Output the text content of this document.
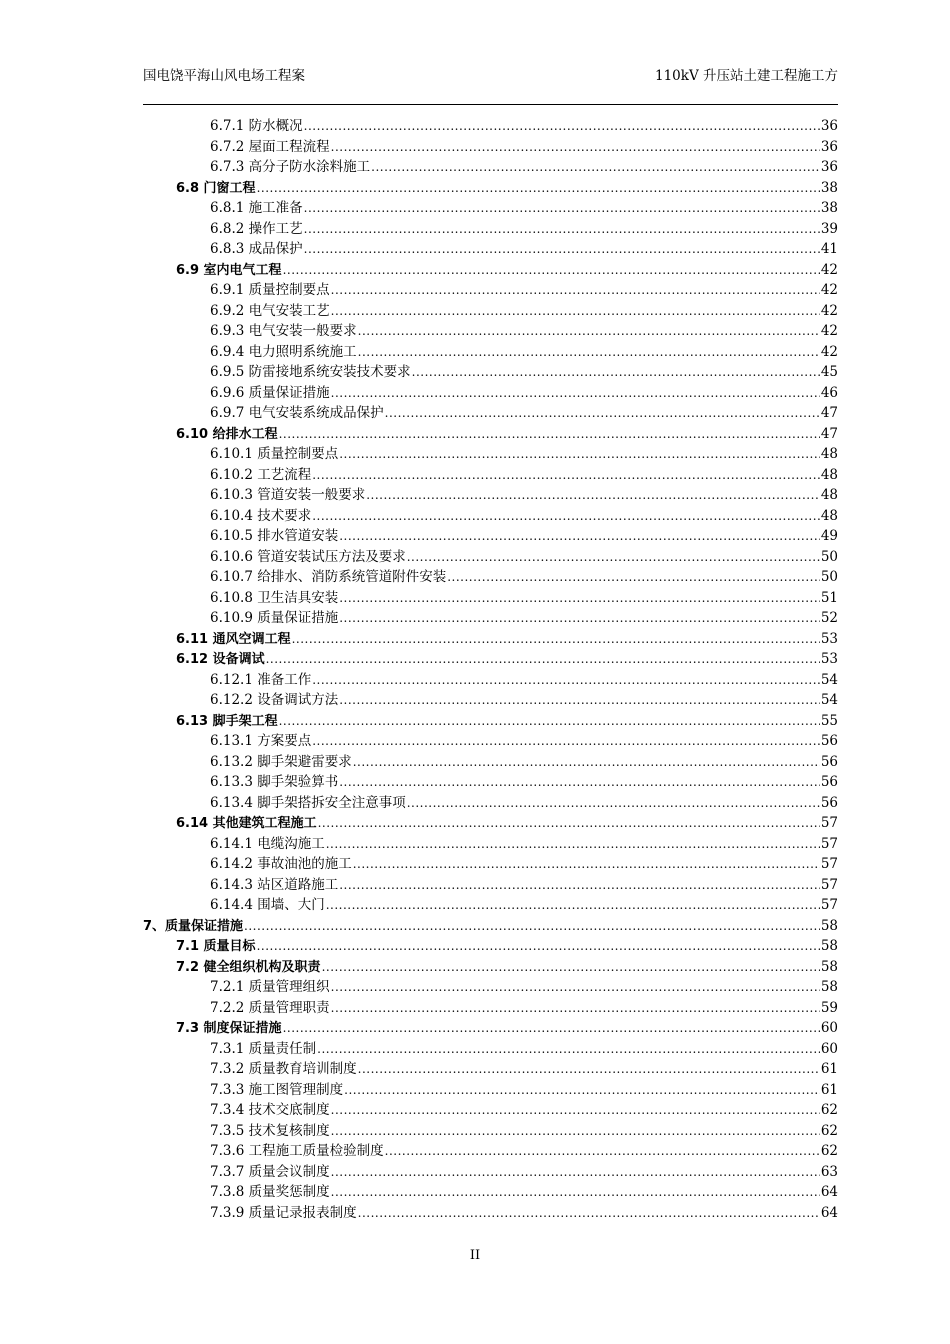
国电饶平海山风电场工程案	110kV 升压站土建工程施工方
6.7.1 防水概况 .....	36
6.7.2 屋面工程流程 .....	36
6.7.3 高分子防水涂料施工 .....	36
6.8 门窗工程 .....	38
6.8.1 施工准备 .....	38
6.8.2 操作工艺 .....	39
6.8.3 成品保护 .....	41
6.9 室内电气工程 .....	42
6.9.1 质量控制要点 .....	42
6.9.2 电气安装工艺 .....	42
6.9.3 电气安装一般要求 .....	42
6.9.4 电力照明系统施工 .....	42
6.9.5 防雷接地系统安装技术要求 .....	45
6.9.6 质量保证措施 .....	46
6.9.7 电气安装系统成品保护 .....	47
6.10 给排水工程 .....	47
6.10.1 质量控制要点 .....	48
6.10.2 工艺流程 .....	48
6.10.3 管道安装一般要求 .....	48
6.10.4 技术要求 .....	48
6.10.5 排水管道安装 .....	49
6.10.6 管道安装试压方法及要求 .....	50
6.10.7 给排水、消防系统管道附件安装 .....	50
6.10.8 卫生洁具安装 .....	51
6.10.9 质量保证措施 .....	52
6.11 通风空调工程 .....	53
6.12 设备调试 .....	53
6.12.1 准备工作 .....	54
6.12.2 设备调试方法 .....	54
6.13 脚手架工程 .....	55
6.13.1 方案要点 .....	56
6.13.2 脚手架避雷要求 .....	56
6.13.3 脚手架验算书 .....	56
6.13.4 脚手架搭拆安全注意事项 .....	56
6.14 其他建筑工程施工 .....	57
6.14.1 电缆沟施工 .....	57
6.14.2 事故油池的施工 .....	57
6.14.3 站区道路施工 .....	57
6.14.4 围墙、大门 .....	57
7、质量保证措施 .....	58
7.1 质量目标 .....	58
7.2 健全组织机构及职责 .....	58
7.2.1 质量管理组织 .....	58
7.2.2 质量管理职责 .....	59
7.3 制度保证措施 .....	60
7.3.1 质量责任制 .....	60
7.3.2 质量教育培训制度 .....	61
7.3.3 施工图管理制度 .....	61
7.3.4 技术交底制度 .....	62
7.3.5 技术复核制度 .....	62
7.3.6 工程施工质量检验制度 .....	62
7.3.7 质量会议制度 .....	63
7.3.8 质量奖惩制度 .....	64
7.3.9 质量记录报表制度 .....	64
II
